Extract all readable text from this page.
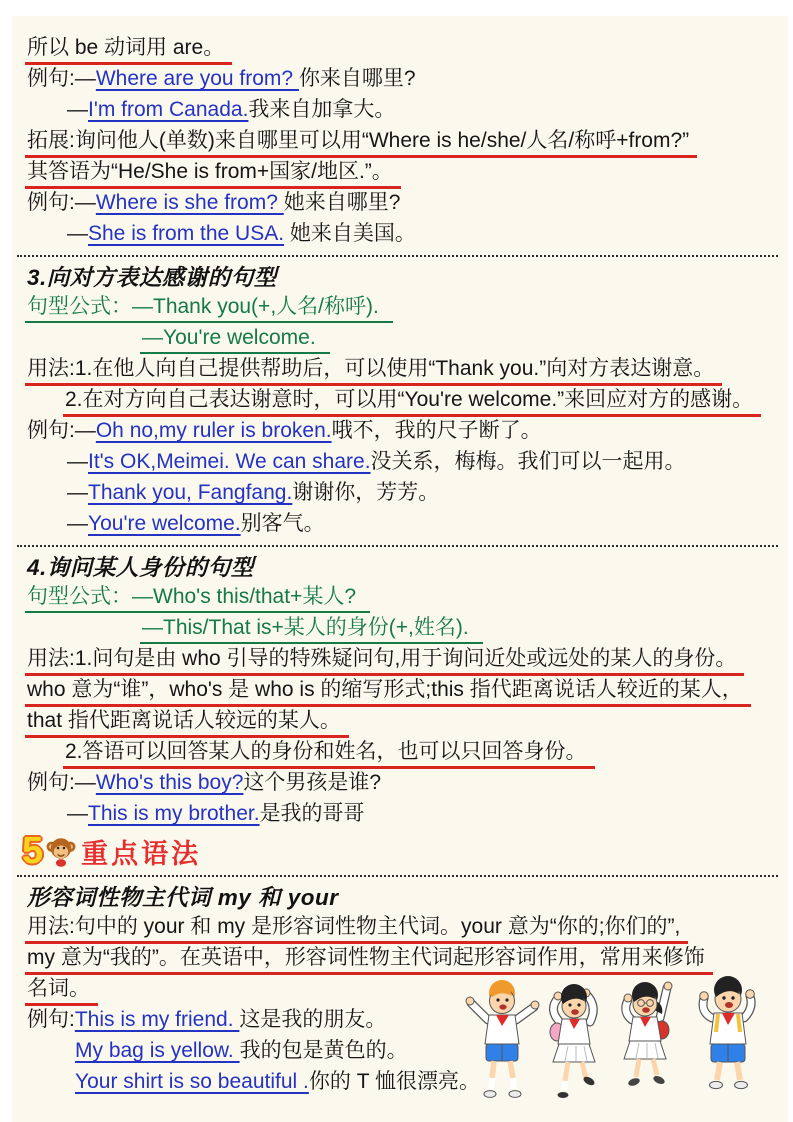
所以 be 动词用 are。
例句:—Where are you from? 你来自哪里?
—I'm from Canada.我来自加拿大。
拓展:询问他人(单数)来自哪里可以用“Where is he/she/人名/称呼+from?”
其答语为“He/She is from+国家/地区.”。
例句:—Where is she from? 她来自哪里?
—She is from the USA. 她来自美国。
3.向对方表达感谢的句型
句型公式：—Thank you(+,人名/称呼).
—You're welcome.
用法:1.在他人向自己提供帮助后，可以使用“Thank you.”向对方表达谢意。
2.在对方向自己表达谢意时，可以用“You're welcome.”来回应对方的感谢。
例句:—Oh no,my ruler is broken.哦不，我的尺子断了。
—It's OK,Meimei. We can share.没关系，梅梅。我们可以一起用。
—Thank you, Fangfang.谢谢你，芳芳。
—You're welcome.别客气。
4.询问某人身份的句型
句型公式：—Who's this/that+某人?
—This/That is+某人的身份(+,姓名).
用法:1.问句是由 who 引导的特殊疑问句,用于询问近处或远处的某人的身份。
who 意为“谁”，who's 是 who is 的缩写形式;this 指代距离说话人较近的某人，
that 指代距离说话人较远的某人。
2.答语可以回答某人的身份和姓名，也可以只回答身份。
例句:—Who's this boy?这个男孩是谁?
—This is my brother.是我的哥哥
5 重点语法
形容词性物主代词 my 和 your
用法:句中的 your 和 my 是形容词性物主代词。your 意为“你的;你们的”,
my 意为“我的”。在英语中，形容词性物主代词起形容词作用，常用来修饰
名词。
例句:This is my friend. 这是我的朋友。
My bag is yellow. 我的包是黄色的。
Your shirt is so beautiful .你的 T 恤很漂亮。
